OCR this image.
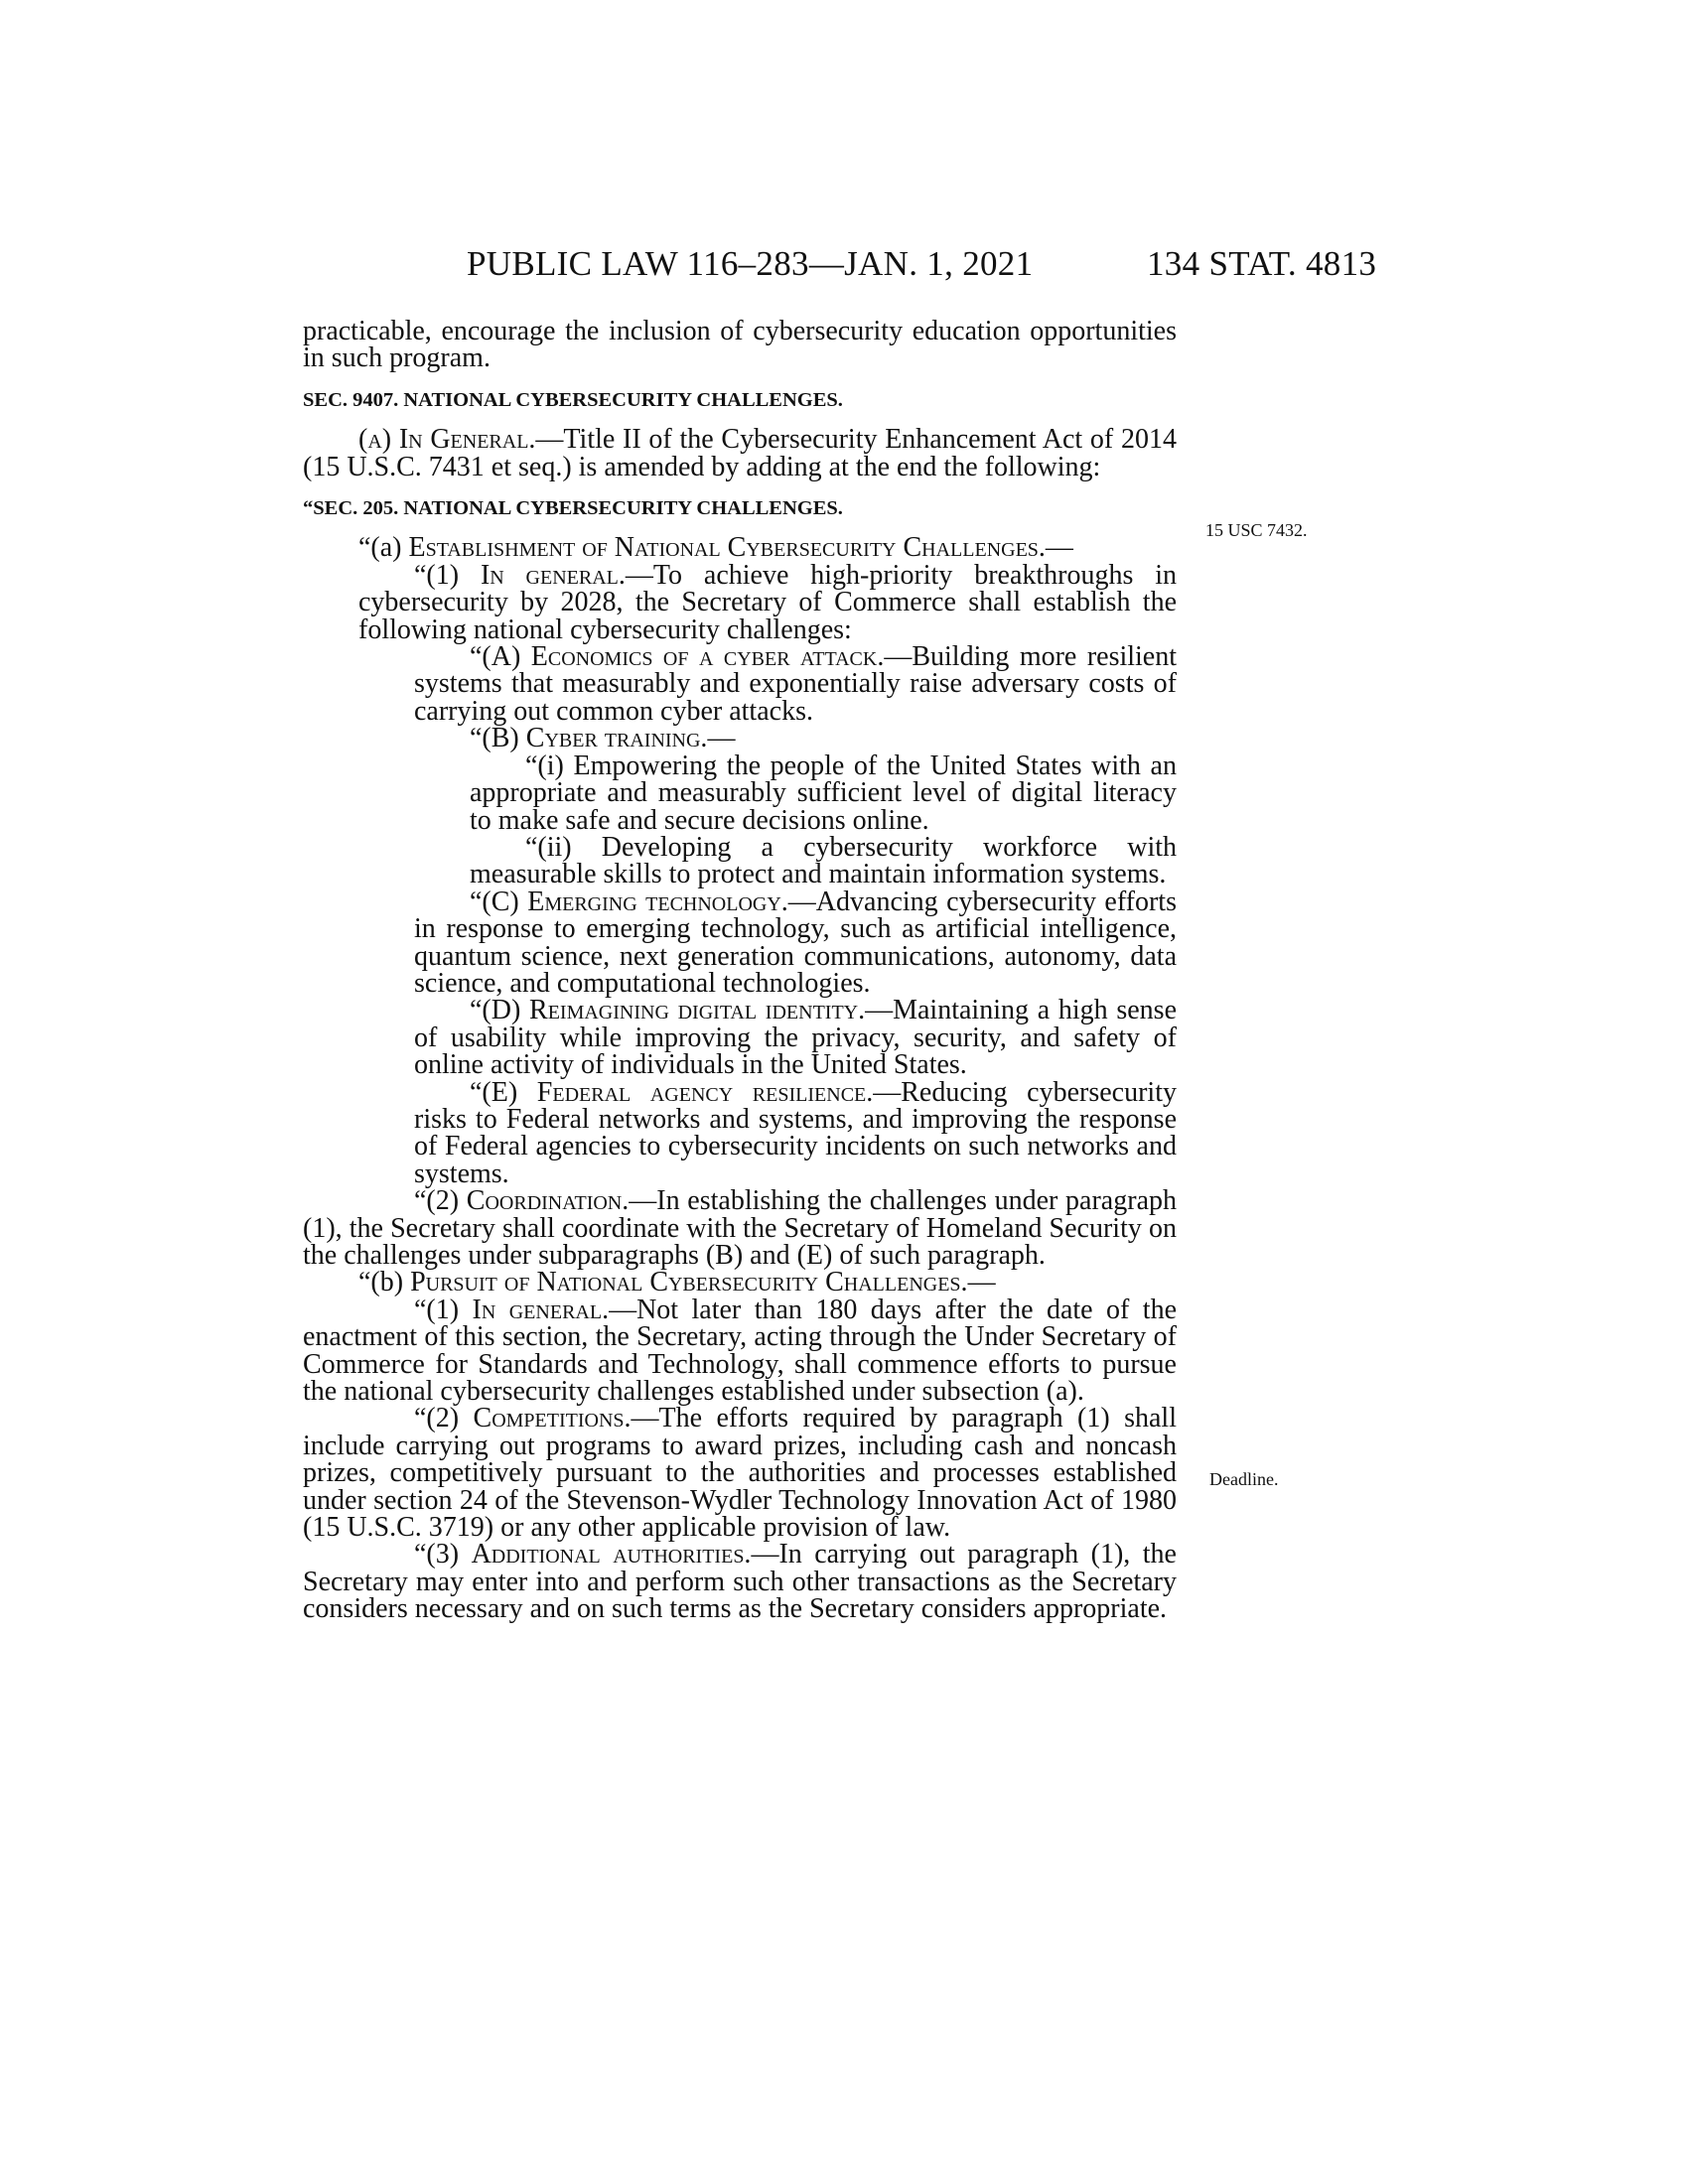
PUBLIC LAW 116–283—JAN. 1, 2021	134 STAT. 4813
15 USC 7432.
Deadline.

practicable, encourage the inclusion of cybersecurity education opportunities in such program.

SEC. 9407. NATIONAL CYBERSECURITY CHALLENGES.

(a) In General.—Title II of the Cybersecurity Enhancement Act of 2014 (15 U.S.C. 7431 et seq.) is amended by adding at the end the following:

“SEC. 205. NATIONAL CYBERSECURITY CHALLENGES.

“(a) Establishment of National Cybersecurity Challenges.—

“(1) In general.—To achieve high-priority breakthroughs in cybersecurity by 2028, the Secretary of Commerce shall establish the following national cybersecurity challenges:

“(A) Economics of a cyber attack.—Building more resilient systems that measurably and exponentially raise adversary costs of carrying out common cyber attacks.

“(B) Cyber training.—

“(i) Empowering the people of the United States with an appropriate and measurably sufficient level of digital literacy to make safe and secure decisions online.

“(ii) Developing a cybersecurity workforce with measurable skills to protect and maintain information systems.

“(C) Emerging technology.—Advancing cybersecurity efforts in response to emerging technology, such as artificial intelligence, quantum science, next generation communications, autonomy, data science, and computational technologies.

“(D) Reimagining digital identity.—Maintaining a high sense of usability while improving the privacy, security, and safety of online activity of individuals in the United States.

“(E) Federal agency resilience.—Reducing cybersecurity risks to Federal networks and systems, and improving the response of Federal agencies to cybersecurity incidents on such networks and systems.

“(2) Coordination.—In establishing the challenges under paragraph (1), the Secretary shall coordinate with the Secretary of Homeland Security on the challenges under subparagraphs (B) and (E) of such paragraph.

“(b) Pursuit of National Cybersecurity Challenges.—

“(1) In general.—Not later than 180 days after the date of the enactment of this section, the Secretary, acting through the Under Secretary of Commerce for Standards and Technology, shall commence efforts to pursue the national cybersecurity challenges established under subsection (a).

“(2) Competitions.—The efforts required by paragraph (1) shall include carrying out programs to award prizes, including cash and noncash prizes, competitively pursuant to the authorities and processes established under section 24 of the Stevenson-Wydler Technology Innovation Act of 1980 (15 U.S.C. 3719) or any other applicable provision of law.

“(3) Additional authorities.—In carrying out paragraph (1), the Secretary may enter into and perform such other transactions as the Secretary considers necessary and on such terms as the Secretary considers appropriate.
